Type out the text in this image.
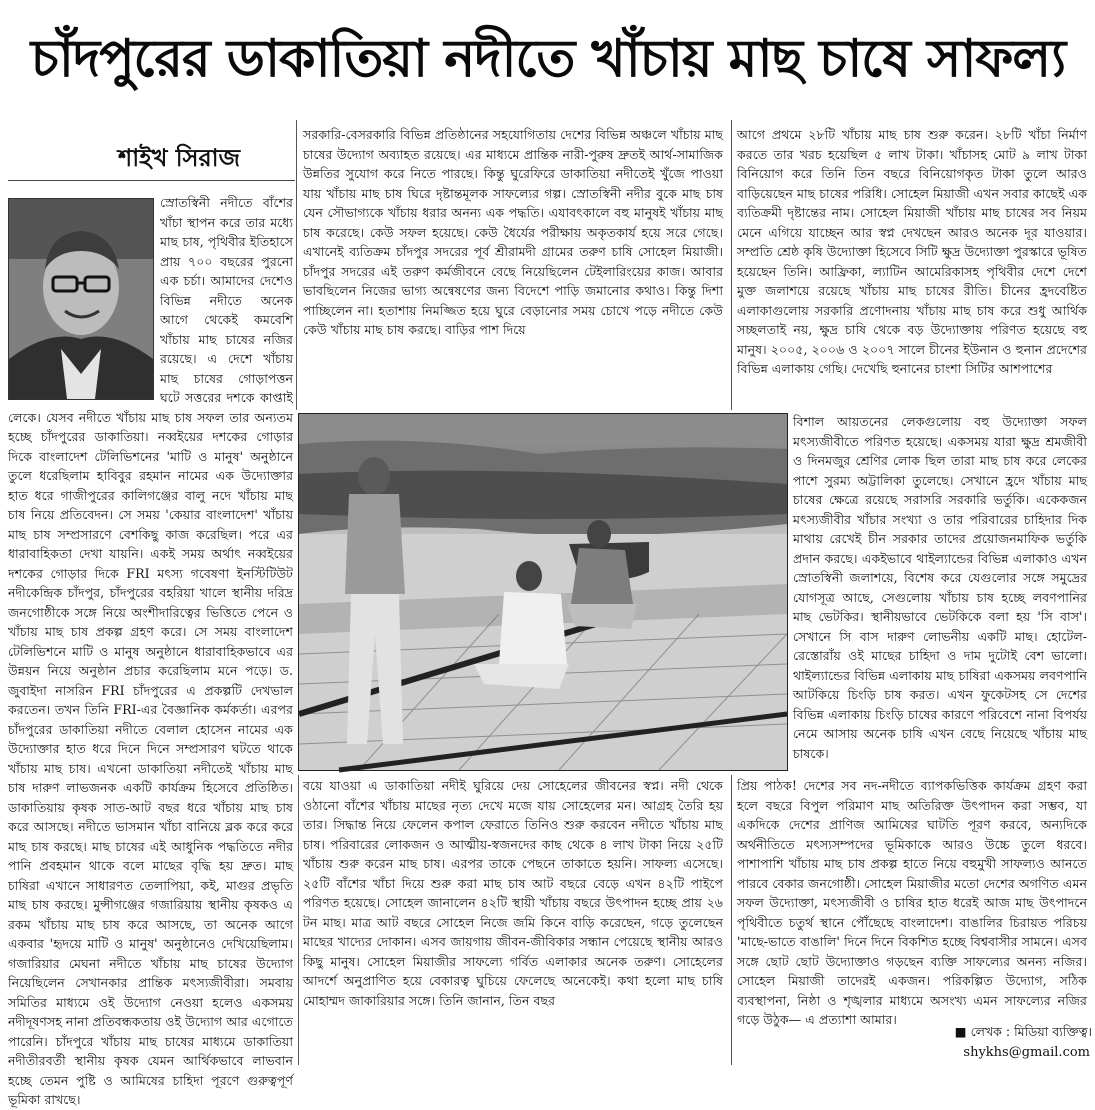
চাঁদপুরের ডাকাতিয়া নদীতে খাঁচায় মাছ চাষে সাফল্য
শাইখ সিরাজ
স্রোতস্বিনী নদীতে বাঁশের খাঁচা স্থাপন করে তার মধ্যে মাছ চাষ, পৃথিবীর ইতিহাসে প্রায় ৭০০ বছরের পুরনো এক চর্চা। আমাদের দেশেও বিভিন্ন নদীতে অনেক আগে থেকেই কমবেশি খাঁচায় মাছ চাষের নজির রয়েছে। এ দেশে খাঁচায় মাছ চাষের গোড়াপত্তন ঘটে সত্তরের দশকে কাপ্তাই লেকে। যেসব নদীতে খাঁচায় মাছ চাষ সফল তার অন্যতম হচ্ছে চাঁদপুরের ডাকাতিয়া। নব্বইয়ের দশকের গোড়ার দিকে বাংলাদেশ টেলিভিশনের 'মাটি ও মানুষ' অনুষ্ঠানে তুলে ধরেছিলাম হাবিবুর রহমান নামের এক উদ্যোক্তার হাত ধরে গাজীপুরের কালিগঞ্জের বালু নদে খাঁচায় মাছ চাষ নিয়ে প্রতিবেদন। সে সময় 'কেয়ার বাংলাদেশ' খাঁচায় মাছ চাষ সম্প্রসারণে বেশকিছু কাজ করেছিল। পরে এর ধারাবাহিকতা দেখা যায়নি। একই সময় অর্থাৎ নব্বইয়ের দশকের গোড়ার দিকে FRI মৎস্য গবেষণা ইনস্টিটিউট নদীকেন্দ্রিক চাঁদপুর, চাঁদপুরের বহরিয়া খালে স্থানীয় দরিদ্র জনগোষ্ঠীকে সঙ্গে নিয়ে অংশীদারিত্বের ভিত্তিতে পেনে ও খাঁচায় মাছ চাষ প্রকল্প গ্রহণ করে। সে সময় বাংলাদেশ টেলিভিশনে মাটি ও মানুষ অনুষ্ঠানে ধারাবাহিকভাবে এর উন্নয়ন নিয়ে অনুষ্ঠান প্রচার করেছিলাম মনে পড়ে। ড. জুবাইদা নাসরিন FRI চাঁদপুরের এ প্রকল্পটি দেখভাল করতেন। তখন তিনি FRI-এর বৈজ্ঞানিক কর্মকর্তা। এরপর চাঁদপুরের ডাকাতিয়া নদীতে বেলাল হোসেন নামের এক উদ্যোক্তার হাত ধরে দিনে দিনে সম্প্রসারণ ঘটতে থাকে খাঁচায় মাছ চাষ। এখনো ডাকাতিয়া নদীতেই খাঁচায় মাছ চাষ দারুণ লাভজনক একটি কার্যক্রম হিসেবে প্রতিষ্ঠিত। ডাকাতিয়ায় কৃষক সাত-আট বছর ধরে খাঁচায় মাছ চাষ করে আসছে। নদীতে ভাসমান খাঁচা বানিয়ে ব্লক করে করে মাছ চাষ করছে। মাছ চাষের এই আধুনিক পদ্ধতিতে নদীর পানি প্রবহমান থাকে বলে মাছের বৃদ্ধি হয় দ্রুত। মাছ চাষিরা এখানে সাধারণত তেলাপিয়া, কই, মাগুর প্রভৃতি মাছ চাষ করছে। মুন্সীগঞ্জের গজারিয়ায় স্থানীয় কৃষকও এ রকম খাঁচায় মাছ চাষ করে আসছে, তা অনেক আগে একবার 'হৃদয়ে মাটি ও মানুষ' অনুষ্ঠানেও দেখিয়েছিলাম। গজারিয়ার মেঘনা নদীতে খাঁচায় মাছ চাষের উদ্যোগ নিয়েছিলেন সেখানকার প্রান্তিক মৎস্যজীবীরা। সমবায় সমিতির মাধ্যমে ওই উদ্যোগ নেওয়া হলেও একসময় নদীদূষণসহ নানা প্রতিবন্ধকতায় ওই উদ্যোগ আর এগোতে পারেনি। চাঁদপুরে খাঁচায় মাছ চাষের মাধ্যমে ডাকাতিয়া নদীতীরবর্তী স্থানীয় কৃষক যেমন আর্থিকভাবে লাভবান হচ্ছে তেমন পুষ্টি ও আমিষের চাহিদা পূরণে গুরুত্বপূর্ণ ভূমিকা রাখছে।
সরকারি-বেসরকারি বিভিন্ন প্রতিষ্ঠানের সহযোগিতায় দেশের বিভিন্ন অঞ্চলে খাঁচায় মাছ চাষের উদ্যোগ অব্যাহত রয়েছে। এর মাধ্যমে প্রান্তিক নারী-পুরুষ দ্রুতই আর্থ-সামাজিক উন্নতির সুযোগ করে নিতে পারছে। কিন্তু ঘুরেফিরে ডাকাতিয়া নদীতেই খুঁজে পাওয়া যায় খাঁচায় মাছ চাষ ঘিরে দৃষ্টান্তমূলক সাফল্যের গল্প। স্রোতস্বিনী নদীর বুকে মাছ চাষ যেন সৌভাগ্যকে খাঁচায় ধরার অনন্য এক পদ্ধতি। এযাবৎকালে বহু মানুষই খাঁচায় মাছ চাষ করেছে। কেউ সফল হয়েছে। কেউ ধৈর্যের পরীক্ষায় অকৃতকার্য হয়ে সরে গেছে। এখানেই ব্যতিক্রম চাঁদপুর সদরের পূর্ব শ্রীরামদী গ্রামের তরুণ চাষি সোহেল মিয়াজী। চাঁদপুর সদরের এই তরুণ কর্মজীবনে বেছে নিয়েছিলেন টেইলারিংয়ের কাজ। আবার ভাবছিলেন নিজের ভাগ্য অন্বেষণের জন্য বিদেশে পাড়ি জমানোর কথাও। কিন্তু দিশা পাচ্ছিলেন না। হতাশায় নিমজ্জিত হয়ে ঘুরে বেড়ানোর সময় চোখে পড়ে নদীতে কেউ কেউ খাঁচায় মাছ চাষ করছে। বাড়ির পাশ দিয়ে
বয়ে যাওয়া এ ডাকাতিয়া নদীই ঘুরিয়ে দেয় সোহেলের জীবনের স্বপ্ন। নদী থেকে ওঠানো বাঁশের খাঁচায় মাছের নৃত্য দেখে মজে যায় সোহেলের মন। আগ্রহ তৈরি হয় তার। সিদ্ধান্ত নিয়ে ফেলেন কপাল ফেরাতে তিনিও শুরু করবেন নদীতে খাঁচায় মাছ চাষ। পরিবারের লোকজন ও আত্মীয়-স্বজনদের কাছ থেকে ৪ লাখ টাকা নিয়ে ২৫টি খাঁচায় শুরু করেন মাছ চাষ। এরপর তাকে পেছনে তাকাতে হয়নি। সাফল্য এসেছে। ২৫টি বাঁশের খাঁচা দিয়ে শুরু করা মাছ চাষ আট বছরে বেড়ে এখন ৪২টি পাইপে পরিণত হয়েছে। সোহেল জানালেন ৪২টি স্থায়ী খাঁচায় বছরে উৎপাদন হচ্ছে প্রায় ২৬ টন মাছ। মাত্র আট বছরে সোহেল নিজে জমি কিনে বাড়ি করেছেন, গড়ে তুলেছেন মাছের খাদ্যের দোকান। এসব জায়গায় জীবন-জীবিকার সন্ধান পেয়েছে স্থানীয় আরও কিছু মানুষ। সোহেল মিয়াজীর সাফল্যে গর্বিত এলাকার অনেক তরুণ। সোহেলের আদর্শে অনুপ্রাণিত হয়ে বেকারত্ব ঘুচিয়ে ফেলেছে অনেকেই। কথা হলো মাছ চাষি মোহাম্মদ জাকারিয়ার সঙ্গে। তিনি জানান, তিন বছর
আগে প্রথমে ২৮টি খাঁচায় মাছ চাষ শুরু করেন। ২৮টি খাঁচা নির্মাণ করতে তার খরচ হয়েছিল ৫ লাখ টাকা। খাঁচাসহ মোট ৯ লাখ টাকা বিনিয়োগ করে তিনি তিন বছরে বিনিয়োগকৃত টাকা তুলে আরও বাড়িয়েছেন মাছ চাষের পরিধি। সোহেল মিয়াজী এখন সবার কাছেই এক ব্যতিক্রমী দৃষ্টান্তের নাম। সোহেল মিয়াজী খাঁচায় মাছ চাষের সব নিয়ম মেনে এগিয়ে যাচ্ছেন আর স্বপ্ন দেখছেন আরও অনেক দূর যাওয়ার। সম্প্রতি শ্রেষ্ঠ কৃষি উদ্যোক্তা হিসেবে সিটি ক্ষুদ্র উদ্যোক্তা পুরস্কারে ভূষিত হয়েছেন তিনি। আফ্রিকা, ল্যাটিন আমেরিকাসহ পৃথিবীর দেশে দেশে মুক্ত জলাশয়ে রয়েছে খাঁচায় মাছ চাষের রীতি। চীনের হ্রদবেষ্টিত এলাকাগুলোয় সরকারি প্রণোদনায় খাঁচায় মাছ চাষ করে শুধু আর্থিক সচ্ছলতাই নয়, ক্ষুদ্র চাষি থেকে বড় উদ্যোক্তায় পরিণত হয়েছে বহু মানুষ। ২০০৫, ২০০৬ ও ২০০৭ সালে চীনের ইউনান ও হুনান প্রদেশের বিভিন্ন এলাকায় গেছি। দেখেছি হুনানের চাংশা সিটির আশপাশের
বিশাল আয়তনের লেকগুলোয় বহু উদ্যোক্তা সফল মৎস্যজীবীতে পরিণত হয়েছে। একসময় যারা ক্ষুদ্র শ্রমজীবী ও দিনমজুর শ্রেণির লোক ছিল তারা মাছ চাষ করে লেকের পাশে সুরম্য অট্টালিকা তুলেছে। সেখানে হ্রদে খাঁচায় মাছ চাষের ক্ষেত্রে রয়েছে সরাসরি সরকারি ভর্তুকি। একেকজন মৎস্যজীবীর খাঁচার সংখ্যা ও তার পরিবারের চাহিদার দিক মাথায় রেখেই চীন সরকার তাদের প্রয়োজনমাফিক ভর্তুকি প্রদান করছে। একইভাবে থাইল্যান্ডের বিভিন্ন এলাকাও এখন স্রোতস্বিনী জলাশয়ে, বিশেষ করে যেগুলোর সঙ্গে সমুদ্রের যোগসূত্র আছে, সেগুলোয় খাঁচায় চাষ হচ্ছে লবণপানির মাছ ভেটকির। স্থানীয়ভাবে ভেটকিকে বলা হয় 'সি বাস'। সেখানে সি বাস দারুণ লোভনীয় একটি মাছ। হোটেল-রেস্তোরাঁয় ওই মাছের চাহিদা ও দাম দুটোই বেশ ভালো। থাইল্যান্ডের বিভিন্ন এলাকায় মাছ চাষিরা একসময় লবণপানি আটকিয়ে চিংড়ি চাষ করত। এখন ফুকেটসহ সে দেশের বিভিন্ন এলাকায় চিংড়ি চাষের কারণে পরিবেশে নানা বিপর্যয় নেমে আসায় অনেক চাষি এখন বেছে নিয়েছে খাঁচায় মাছ চাষকে।
প্রিয় পাঠক! দেশের সব নদ-নদীতে ব্যাপকভিত্তিক কার্যক্রম গ্রহণ করা হলে বছরে বিপুল পরিমাণ মাছ অতিরিক্ত উৎপাদন করা সম্ভব, যা একদিকে দেশের প্রাণিজ আমিষের ঘাটতি পূরণ করবে, অন্যদিকে অর্থনীতিতে মৎস্যসম্পদের ভূমিকাকে আরও উচ্চে তুলে ধরবে। পাশাপাশি খাঁচায় মাছ চাষ প্রকল্প হাতে নিয়ে বহুমুখী সাফল্যও আনতে পারবে বেকার জনগোষ্ঠী। সোহেল মিয়াজীর মতো দেশের অগণিত এমন সফল উদ্যোক্তা, মৎস্যজীবী ও চাষির হাত ধরেই আজ মাছ উৎপাদনে পৃথিবীতে চতুর্থ স্থানে পৌঁছেছে বাংলাদেশ। বাঙালির চিরায়ত পরিচয় 'মাছে-ভাতে বাঙালি' দিনে দিনে বিকশিত হচ্ছে বিশ্ববাসীর সামনে। এসব সঙ্গে ছোট ছোট উদ্যোক্তাও গড়ছেন ব্যক্তি সাফল্যের অনন্য নজির। সোহেল মিয়াজী তাদেরই একজন। পরিকল্পিত উদ্যোগ, সঠিক ব্যবস্থাপনা, নিষ্ঠা ও শৃঙ্খলার মাধ্যমে অসংখ্য এমন সাফল্যের নজির গড়ে উঠুক— এ প্রত্যাশা আমার।
■ লেখক : মিডিয়া ব্যক্তিত্ব।
shykhs@gmail.com
